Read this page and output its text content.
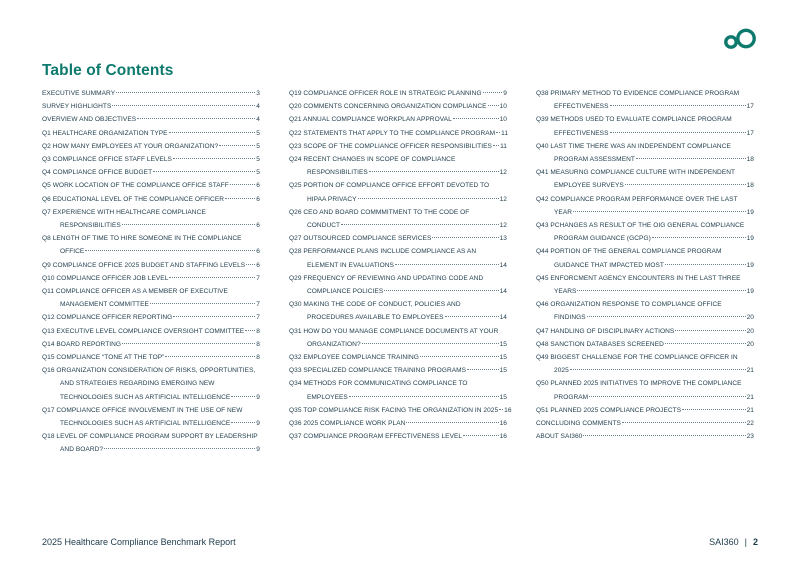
Table of Contents
EXECUTIVE SUMMARY	3
SURVEY HIGHLIGHTS	4
OVERVIEW AND OBJECTIVES	4
Q1 HEALTHCARE ORGANIZATION TYPE	5
Q2 HOW MANY EMPLOYEES AT YOUR ORGANIZATION?	5
Q3 COMPLIANCE OFFICE STAFF LEVELS	5
Q4 COMPLIANCE OFFICE BUDGET	5
Q5 WORK LOCATION OF THE COMPLIANCE OFFICE STAFF	6
Q6 EDUCATIONAL LEVEL OF THE COMPLIANCE OFFICER	6
Q7 EXPERIENCE WITH HEALTHCARE COMPLIANCE
RESPONSIBILITIES	6
Q8 LENGTH OF TIME TO HIRE SOMEONE IN THE COMPLIANCE
OFFICE	6
Q9 COMPLIANCE OFFICE 2025 BUDGET AND STAFFING LEVELS 6
Q10 COMPLIANCE OFFICER JOB LEVEL	7
Q11 COMPLIANCE OFFICER AS A MEMBER OF EXECUTIVE
MANAGEMENT COMMITTEE	7
Q12 COMPLIANCE OFFICER REPORTING	7
Q13 EXECUTIVE LEVEL COMPLIANCE OVERSIGHT COMMITTEE 8
Q14 BOARD REPORTING	8
Q15 COMPLIANCE “TONE AT THE TOP”	8
Q16 ORGANIZATION CONSIDERATION OF RISKS, OPPORTUNITIES,
AND STRATEGIES REGARDING EMERGING NEW
TECHNOLOGIES SUCH AS ARTIFICIAL INTELLIGENCE	9
Q17 COMPLIANCE OFFICE INVOLVEMENT IN THE USE OF NEW
TECHNOLOGIES SUCH AS ARTIFICIAL INTELLIGENCE	9
Q18 LEVEL OF COMPLIANCE PROGRAM SUPPORT BY LEADERSHIP
AND BOARD?	9
Q19 COMPLIANCE OFFICER ROLE IN STRATEGIC PLANNING	9
Q20 COMMENTS CONCERNING ORGANIZATION COMPLIANCE 10
Q21 ANNUAL COMPLIANCE WORKPLAN APPROVAL	10
Q22 STATEMENTS THAT APPLY TO THE COMPLIANCE PROGRAM 11
Q23 SCOPE OF THE COMPLIANCE OFFICER RESPONSIBILITIES 11
Q24 RECENT CHANGES IN SCOPE OF COMPLIANCE
RESPONSIBILITIES	12
Q25 PORTION OF COMPLIANCE OFFICE EFFORT DEVOTED TO
HIPAA PRIVACY	12
Q26 CEO AND BOARD COMMMITMENT TO THE CODE OF
CONDUCT	12
Q27 OUTSOURCED COMPLIANCE SERVICES	13
Q28 PERFORMANCE PLANS INCLUDE COMPLIANCE AS AN
ELEMENT IN EVALUATIONS	14
Q29 FREQUENCY OF REVIEWING AND UPDATING CODE AND
COMPLIANCE POLICIES	14
Q30 MAKING THE CODE OF CONDUCT, POLICIES AND
PROCEDURES AVAILABLE TO EMPLOYEES	14
Q31 HOW DO YOU MANAGE COMPLIANCE DOCUMENTS AT YOUR
ORGANIZATION?	15
Q32 EMPLOYEE COMPLIANCE TRAINING	15
Q33 SPECIALIZED COMPLIANCE TRAINING PROGRAMS	15
Q34 METHODS FOR COMMUNICATING COMPLIANCE TO
EMPLOYEES	15
Q35 TOP COMPLIANCE RISK FACING THE ORGANIZATION IN 2025 16
Q36 2025 COMPLIANCE WORK PLAN	16
Q37 COMPLIANCE PROGRAM EFFECTIVENESS LEVEL	16
Q38 PRIMARY METHOD TO EVIDENCE COMPLIANCE PROGRAM
EFFECTIVENESS	17
Q39 METHODS USED TO EVALUATE COMPLIANCE PROGRAM
EFFECTIVENESS	17
Q40 LAST TIME THERE WAS AN INDEPENDENT COMPLIANCE
PROGRAM ASSESSMENT	18
Q41 MEASURNG COMPLIANCE CULTURE WITH INDEPENDENT
EMPLOYEE SURVEYS	18
Q42 COMPLIANCE PROGRAM PERFORMANCE OVER THE LAST
YEAR	19
Q43 PCHANGES AS RESULT OF THE OIG GENERAL COMPLIANCE
PROGRAM GUIDANCE (GCPG)	19
Q44 PORTION OF THE GENERAL COMPLIANCE PROGRAM
GUIDANCE THAT IMPACTED MOST	19
Q45 ENFORCMENT AGENCY ENCOUNTERS IN THE LAST THREE
YEARS	19
Q46 ORGANIZATION RESPONSE TO COMPLIANCE OFFICE
FINDINGS	20
Q47 HANDLING OF DISCIPLINARY ACTIONS	20
Q48 SANCTION DATABASES SCREENED	20
Q49 BIGGEST CHALLENGE FOR THE COMPLIANCE OFFICER IN
2025	21
Q50 PLANNED 2025 INITIATIVES TO IMPROVE THE COMPLIANCE
PROGRAM	21
Q51 PLANNED 2025 COMPLIANCE PROJECTS	21
CONCLUDING COMMENTS	22
ABOUT SAI360	23
2025 Healthcare Compliance Benchmark Report	SAI360 | 2
